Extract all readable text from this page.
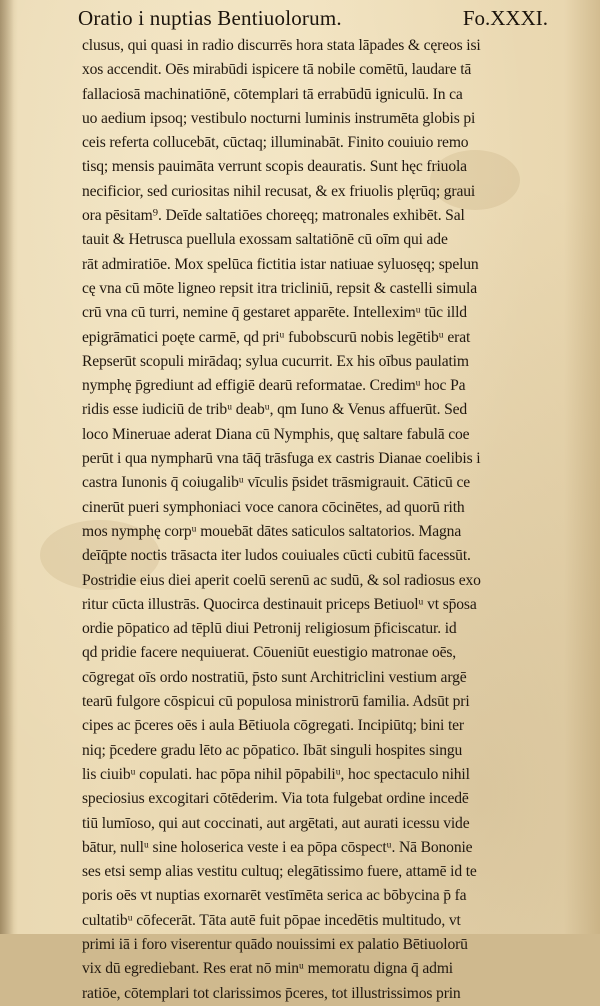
Oratio i nuptias Bentiuolorum.	Fo.XXXI.
clusus, qui quasi in radio discurrēs hora stata lāpades & cęreos isi
xos accendit. Oēs mirabūdi ispicere tā nobile comētū, laudare tā
fallaciosā machinatiōnē, cōtemplari tā errabūdū igniculū. In ca
uo aedium ipsoq; vestibulo nocturni luminis instrumēta globis pi
ceis referta collucebāt, cūctaq; illuminabāt. Finito couiuio remo
tisq; mensis pauimāta verrunt scopis deauratis. Sunt hęc friuola
necificior, sed curiositas nihil recusat, & ex friuolis plęrūq; graui
ora pēsitam⁹. Deīde saltatiōes choreęq; matronales exhibēt. Sal
tauit & Hetrusca puellula exossam saltatiōnē cū oīm qui ade
rāt admiratiōe. Mox spelūca fictitia istar natiuae syluosęq; spelun
cę vna cū mōte ligneo repsit itra tricliniū, repsit & castelli simula
crū vna cū turri, nemine q̄ gestaret apparēte. Intelleximᵘ tūc illd
epigrāmatici poęte carmē, qd priᵘ fubobscurū nobis legētibᵘ erat
Repserūt scopuli mirādaq; sylua cucurrit. Ex his oībus paulatim
nymphę p̄grediunt ad effigiē dearū reformatae. Credimᵘ hoc Pa
ridis esse iudiciū de tribᵘ deabᵘ, qm Iuno & Venus affuerūt. Sed
loco Mineruae aderat Diana cū Nymphis, quę saltare fabulā coe
perūt i qua nympharū vna tāq̄ trāsfuga ex castris Dianae coelibis i
castra Iunonis q̄ coiugalibᵘ vīculis p̄sidet trāsmigrauit. Cāticū ce
cinerūt pueri symphoniaci voce canora cōcinētes, ad quorū rith
mos nymphę corpᵘ mouebāt dātes saticulos saltatorios. Magna
deīq̄pte noctis trāsacta iter ludos couiuales cūcti cubitū facessūt.
Postridie eius diei aperit coelū serenū ac sudū, & sol radiosus exo
ritur cūcta illustrās. Quocirca destinauit priceps Betiuolᵘ vt sp̄osa
ordie pōpatico ad tēplū diui Petronij religiosum p̄ficiscatur. id
qd pridie facere nequiuerat. Cōueniūt euestigio matronae oēs,
cōgregat oīs ordo nostratiū, p̄sto sunt Architriclini vestium argē
tearū fulgore cōspicui cū populosa ministrorū familia. Adsūt pri
cipes ac p̄ceres oēs i aula Bētiuola cōgregati. Incipiūtq; bini ter
niq; p̄cedere gradu lēto ac pōpatico. Ibāt singuli hospites singu
lis ciuibᵘ copulati. hac pōpa nihil pōpabiliᵘ, hoc spectaculo nihil
speciosius excogitari cōtēderim. Via tota fulgebat ordine incedē
tiū lumīoso, qui aut coccinati, aut argētati, aut aurati icessu vide
bātur, nullᵘ sine holoserica veste i ea pōpa cōspectᵘ. Nā Bononie
ses etsi semp alias vestitu cultuq; elegātissimo fuere, attamē id te
poris oēs vt nuptias exornarēt vestīmēta serica ac bōbycina p̄ fa
cultatibᵘ cōfecerāt. Tāta autē fuit pōpae incedētis multitudo, vt
primi iā i foro viserentur quādo nouissimi ex palatio Bētiuolorū
vix dū egrediebant. Res erat nō minᵘ memoratu digna q̄ admi
ratiōe, cōtemplari tot clarissimos p̄ceres, tot illustrissimos prin
